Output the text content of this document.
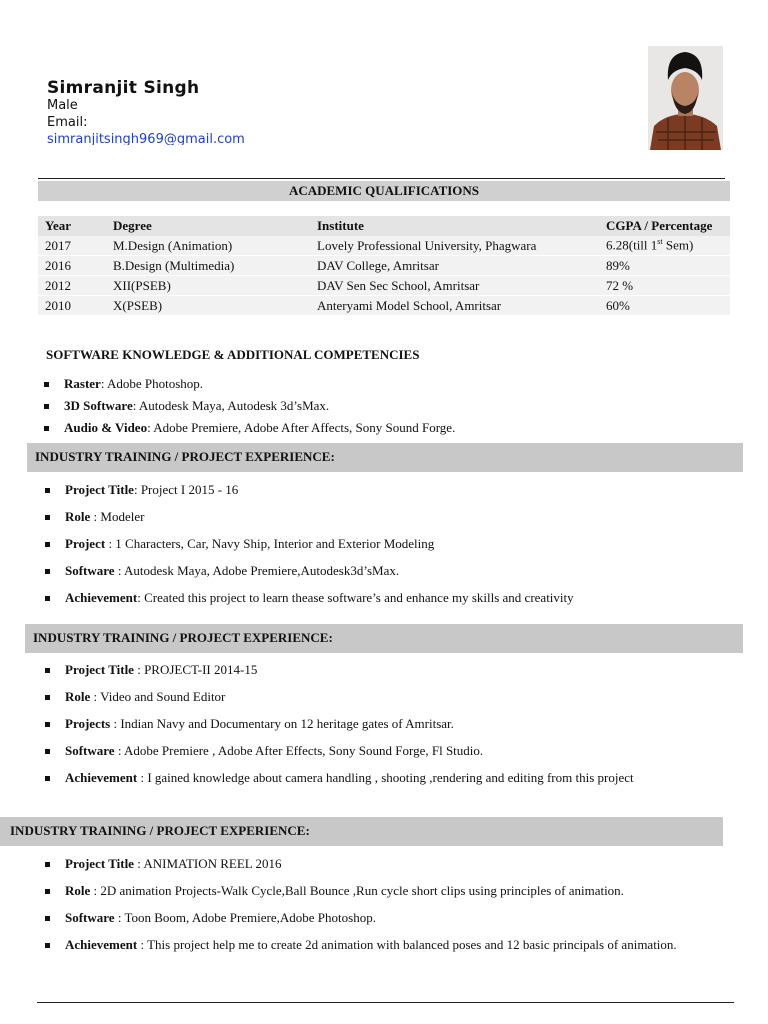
Simranjit Singh
Male
Email:
simranjitsingh969@gmail.com
ACADEMIC QUALIFICATIONS
Year	Degree	Institute	CGPA / Percentage
2017	M.Design (Animation)	Lovely Professional University, Phagwara	6.28(till 1st Sem)
2016	B.Design (Multimedia)	DAV College, Amritsar	89%
2012	XII(PSEB)	DAV Sen Sec School, Amritsar	72 %
2010	X(PSEB)	Anteryami Model School, Amritsar	60%
SOFTWARE KNOWLEDGE & ADDITIONAL COMPETENCIES
Raster: Adobe Photoshop.
3D Software: Autodesk Maya, Autodesk 3d’sMax.
Audio & Video: Adobe Premiere, Adobe After Affects, Sony Sound Forge.
INDUSTRY TRAINING / PROJECT EXPERIENCE:
Project Title: Project I 2015 - 16
Role : Modeler
Project : 1 Characters, Car, Navy Ship, Interior and Exterior Modeling
Software : Autodesk Maya, Adobe Premiere,Autodesk3d’sMax.
Achievement: Created this project to learn thease software’s and enhance my skills and creativity
INDUSTRY TRAINING / PROJECT EXPERIENCE:
Project Title : PROJECT-II 2014-15
Role : Video and Sound Editor
Projects : Indian Navy and Documentary on 12 heritage gates of Amritsar.
Software : Adobe Premiere , Adobe After Effects, Sony Sound Forge, Fl Studio.
Achievement : I gained knowledge about camera handling , shooting ,rendering and editing from this project
INDUSTRY TRAINING / PROJECT EXPERIENCE:
Project Title : ANIMATION REEL 2016
Role : 2D animation Projects-Walk Cycle,Ball Bounce ,Run cycle short clips using principles of animation.
Software : Toon Boom, Adobe Premiere,Adobe Photoshop.
Achievement : This project help me to create 2d animation with balanced poses and 12 basic principals of animation.
